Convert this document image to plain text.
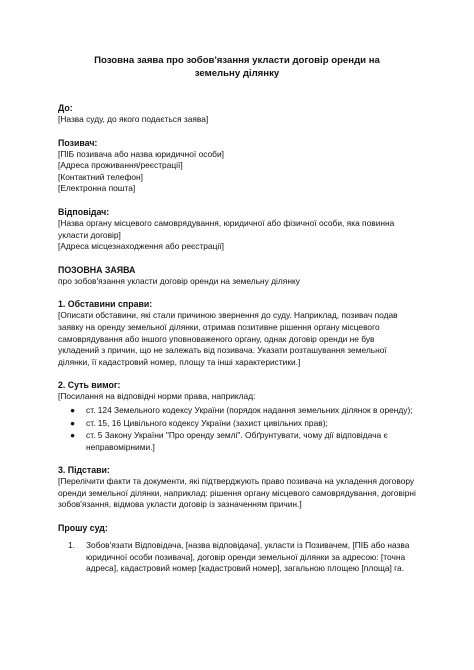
Позовна заява про зобов'язання укласти договір оренди на земельну ділянку

До:

[Назва суду, до якого подається заява]

Позивач:

[ПІБ позивача або назва юридичної особи]

[Адреса проживання/реєстрації]

[Контактний телефон]

[Електронна пошта]

Відповідач:

[Назва органу місцевого самоврядування, юридичної або фізичної особи, яка повинна укласти договір]

[Адреса місцезнаходження або реєстрації]

ПОЗОВНА ЗАЯВА

про зобов'язання укласти договір оренди на земельну ділянку

1. Обставини справи:

[Описати обставини, які стали причиною звернення до суду. Наприклад, позивач подав заявку на оренду земельної ділянки, отримав позитивне рішення органу місцевого самоврядування або іншого уповноваженого органу, однак договір оренди не був укладений з причин, що не залежать від позивача. Указати розташування земельної ділянки, її кадастровий номер, площу та інші характеристики.]

2. Суть вимог:

[Посилання на відповідні норми права, наприклад:

● ст. 124 Земельного кодексу України (порядок надання земельних ділянок в оренду);
● ст. 15, 16 Цивільного кодексу України (захист цивільних прав);
● ст. 5 Закону України "Про оренду землі". Обґрунтувати, чому дії відповідача є неправомірними.]

3. Підстави:

[Перелічити факти та документи, які підтверджують право позивача на укладення договору оренди земельної ділянки, наприклад: рішення органу місцевого самоврядування, договірні зобов'язання, відмова укласти договір із зазначенням причин.]

Прошу суд:

1. Зобов'язати Відповідача, [назва відповідача], укласти із Позивачем, [ПІБ або назва юридичної особи позивача], договір оренди земельної ділянки за адресою: [точна адреса], кадастровий номер [кадастровий номер], загальною площею [площа] га.
